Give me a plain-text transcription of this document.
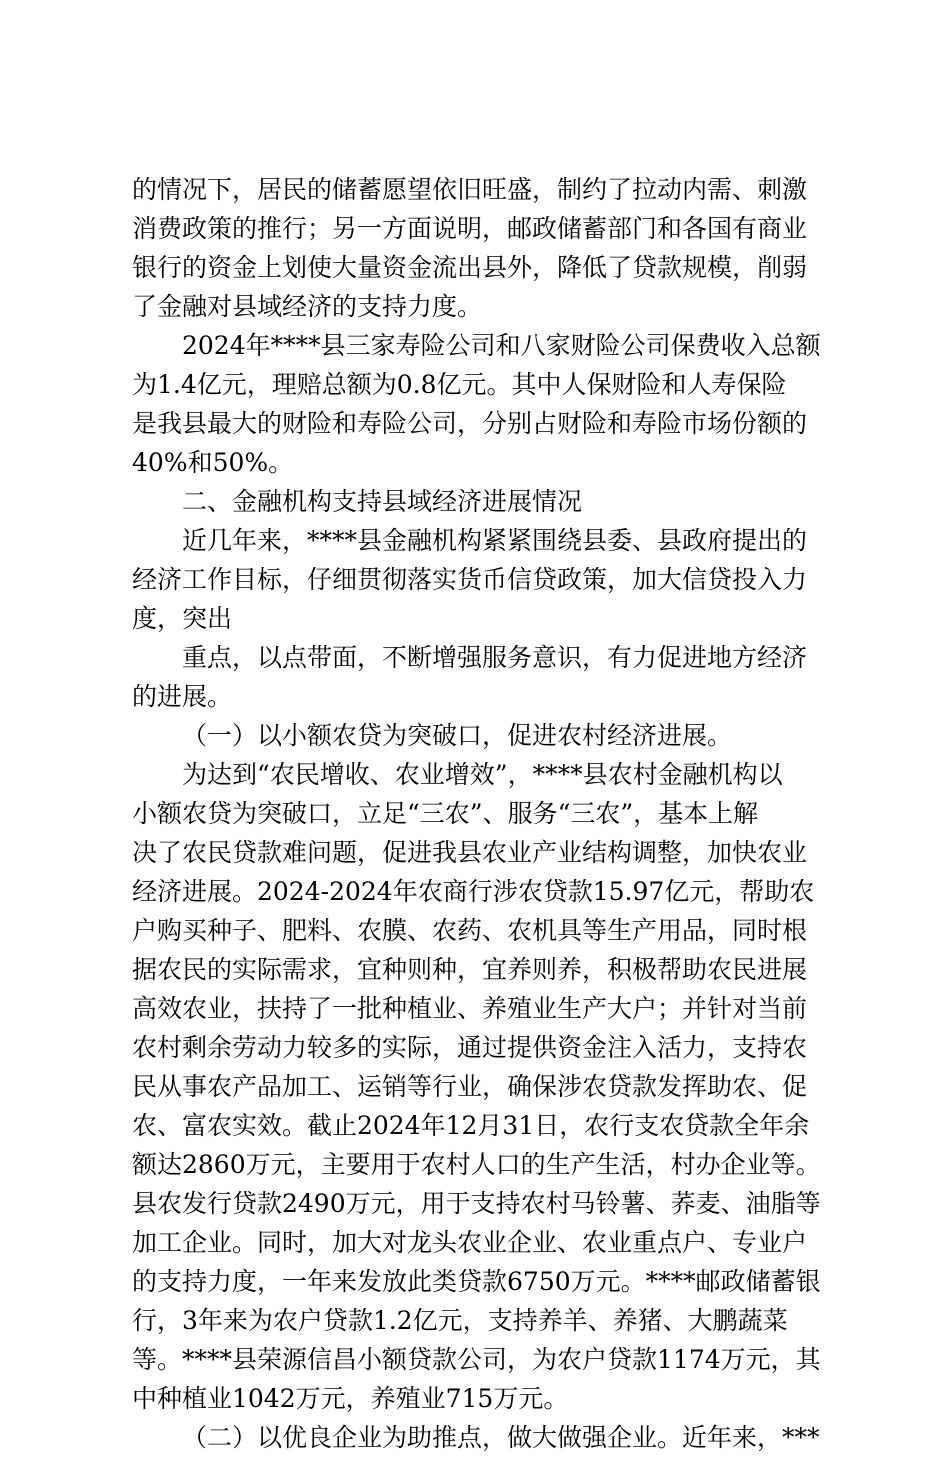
的情况下，居民的储蓄愿望依旧旺盛，制约了拉动内需、刺激
消费政策的推行；另一方面说明，邮政储蓄部门和各国有商业
银行的资金上划使大量资金流出县外，降低了贷款规模，削弱
了金融对县域经济的支持力度。
2024年****县三家寿险公司和八家财险公司保费收入总额
为1.4亿元，理赔总额为0.8亿元。其中人保财险和人寿保险
是我县最大的财险和寿险公司，分别占财险和寿险市场份额的
40%和50%。
二、金融机构支持县域经济进展情况
近几年来，****县金融机构紧紧围绕县委、县政府提出的
经济工作目标，仔细贯彻落实货币信贷政策，加大信贷投入力
度，突出
重点，以点带面，不断增强服务意识，有力促进地方经济
的进展。
（一）以小额农贷为突破口，促进农村经济进展。
为达到“农民增收、农业增效”，****县农村金融机构以
小额农贷为突破口，立足“三农”、服务“三农”，基本上解
决了农民贷款难问题，促进我县农业产业结构调整，加快农业
经济进展。2024-2024年农商行涉农贷款15.97亿元，帮助农
户购买种子、肥料、农膜、农药、农机具等生产用品，同时根
据农民的实际需求，宜种则种，宜养则养，积极帮助农民进展
高效农业，扶持了一批种植业、养殖业生产大户；并针对当前
农村剩余劳动力较多的实际，通过提供资金注入活力，支持农
民从事农产品加工、运销等行业，确保涉农贷款发挥助农、促
农、富农实效。截止2024年12月31日，农行支农贷款全年余
额达2860万元，主要用于农村人口的生产生活，村办企业等。
县农发行贷款2490万元，用于支持农村马铃薯、荞麦、油脂等
加工企业。同时，加大对龙头农业企业、农业重点户、专业户
的支持力度，一年来发放此类贷款6750万元。****邮政储蓄银
行，3年来为农户贷款1.2亿元，支持养羊、养猪、大鹏蔬菜
等。****县荣源信昌小额贷款公司，为农户贷款1174万元，其
中种植业1042万元，养殖业715万元。
（二）以优良企业为助推点，做大做强企业。近年来，***
